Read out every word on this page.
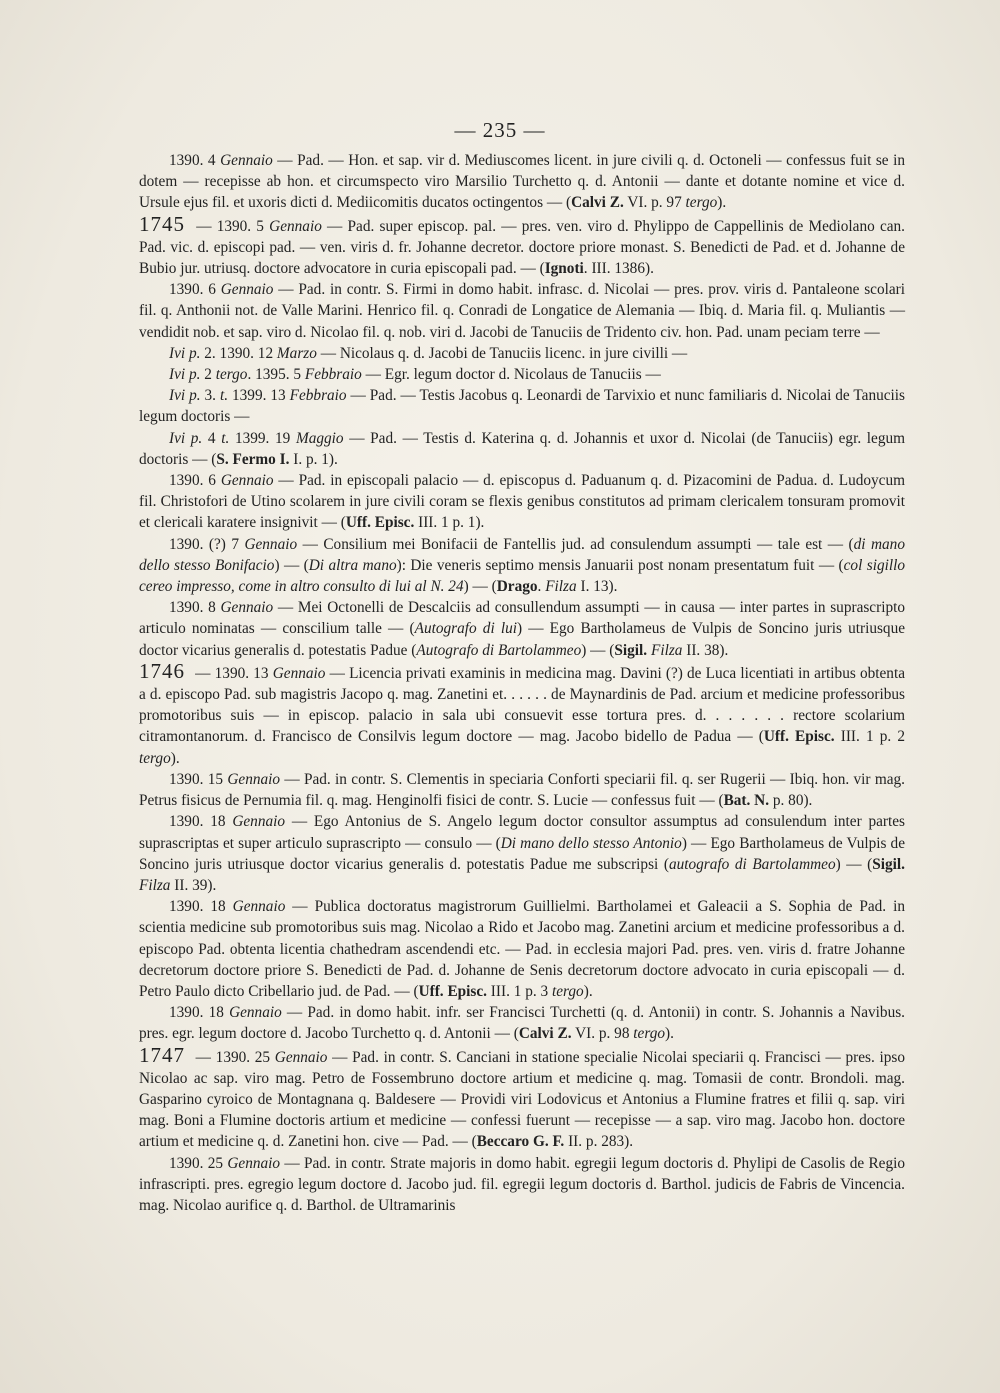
— 235 —

1390. 4 Gennaio — Pad. — Hon. et sap. vir d. Mediuscomes licent. in jure civili q. d. Octoneli — confessus fuit se in dotem — recepisse ab hon. et circumspecto viro Marsilio Turchetto q. d. Antonii — dante et dotante nomine et vice d. Ursule ejus fil. et uxoris dicti d. Mediicomitis ducatos octingentos — (Calvi Z. VI. p. 97 tergo).

1745 — 1390. 5 Gennaio — Pad. super episcop. pal. — pres. ven. viro d. Phylippo de Cappellinis de Mediolano can. Pad. vic. d. episcopi pad. — ven. viris d. fr. Johanne decretor. doctore priore monast. S. Benedicti de Pad. et d. Johanne de Bubio jur. utriusq. doctore advocatore in curia episcopali pad. — (Ignoti. III. 1386).

1390. 6 Gennaio — Pad. in contr. S. Firmi in domo habit. infrasc. d. Nicolai — pres. prov. viris d. Pantaleone scolari fil. q. Anthonii not. de Valle Marini. Henrico fil. q. Conradi de Longatice de Alemania — Ibiq. d. Maria fil. q. Muliantis — vendidit nob. et sap. viro d. Nicolao fil. q. nob. viri d. Jacobi de Tanuciis de Tridento civ. hon. Pad. unam peciam terre —

Ivi p. 2. 1390. 12 Marzo — Nicolaus q. d. Jacobi de Tanuciis licenc. in jure civilli —

Ivi p. 2 tergo. 1395. 5 Febbraio — Egr. legum doctor d. Nicolaus de Tanuciis —

Ivi p. 3. t. 1399. 13 Febbraio — Pad. — Testis Jacobus q. Leonardi de Tarvixio et nunc familiaris d. Nicolai de Tanuciis legum doctoris —

Ivi p. 4 t. 1399. 19 Maggio — Pad. — Testis d. Katerina q. d. Johannis et uxor d. Nicolai (de Tanuciis) egr. legum doctoris — (S. Fermo I. I. p. 1).

1390. 6 Gennaio — Pad. in episcopali palacio — d. episcopus d. Paduanum q. d. Pizacomini de Padua. d. Ludoycum fil. Christofori de Utino scolarem in jure civili coram se flexis genibus constitutos ad primam clericalem tonsuram promovit et clericali karatere insignivit — (Uff. Episc. III. 1 p. 1).

1390. (?) 7 Gennaio — Consilium mei Bonifacii de Fantellis jud. ad consulendum assumpti — tale est — (di mano dello stesso Bonifacio) — (Di altra mano): Die veneris septimo mensis Januarii post nonam presentatum fuit — (col sigillo cereo impresso, come in altro consulto di lui al N. 24) — (Drago. Filza I. 13).

1390. 8 Gennaio — Mei Octonelli de Descalciis ad consullendum assumpti — in causa — inter partes in suprascripto articulo nominatas — conscilium talle — (Autografo di lui) — Ego Bartholameus de Vulpis de Soncino juris utriusque doctor vicarius generalis d. potestatis Padue (Autografo di Bartolammeo) — (Sigil. Filza II. 38).

1746 — 1390. 13 Gennaio — Licencia privati examinis in medicina mag. Davini (?) de Luca licentiati in artibus obtenta a d. episcopo Pad. sub magistris Jacopo q. mag. Zanetini et. . . . . . de Maynardinis de Pad. arcium et medicine professoribus promotoribus suis — in episcop. palacio in sala ubi consuevit esse tortura pres. d. . . . . . . rectore scolarium citramontanorum. d. Francisco de Consilvis legum doctore — mag. Jacobo bidello de Padua — (Uff. Episc. III. 1 p. 2 tergo).

1390. 15 Gennaio — Pad. in contr. S. Clementis in speciaria Conforti speciarii fil. q. ser Rugerii — Ibiq. hon. vir mag. Petrus fisicus de Pernumia fil. q. mag. Henginolfi fisici de contr. S. Lucie — confessus fuit — (Bat. N. p. 80).

1390. 18 Gennaio — Ego Antonius de S. Angelo legum doctor consultor assumptus ad consulendum inter partes suprascriptas et super articulo suprascripto — consulo — (Di mano dello stesso Antonio) — Ego Bartholameus de Vulpis de Soncino juris utriusque doctor vicarius generalis d. potestatis Padue me subscripsi (autografo di Bartolammeo) — (Sigil. Filza II. 39).

1390. 18 Gennaio — Publica doctoratus magistrorum Guillielmi. Bartholamei et Galeacii a S. Sophia de Pad. in scientia medicine sub promotoribus suis mag. Nicolao a Rido et Jacobo mag. Zanetini arcium et medicine professoribus a d. episcopo Pad. obtenta licentia chathedram ascendendi etc. — Pad. in ecclesia majori Pad. pres. ven. viris d. fratre Johanne decretorum doctore priore S. Benedicti de Pad. d. Johanne de Senis decretorum doctore advocato in curia episcopali — d. Petro Paulo dicto Cribellario jud. de Pad. — (Uff. Episc. III. 1 p. 3 tergo).

1390. 18 Gennaio — Pad. in domo habit. infr. ser Francisci Turchetti (q. d. Antonii) in contr. S. Johannis a Navibus. pres. egr. legum doctore d. Jacobo Turchetto q. d. Antonii — (Calvi Z. VI. p. 98 tergo).

1747 — 1390. 25 Gennaio — Pad. in contr. S. Canciani in statione specialie Nicolai speciarii q. Francisci — pres. ipso Nicolao ac sap. viro mag. Petro de Fossembruno doctore artium et medicine q. mag. Tomasii de contr. Brondoli. mag. Gasparino cyroico de Montagnana q. Baldesere — Providi viri Lodovicus et Antonius a Flumine fratres et filii q. sap. viri mag. Boni a Flumine doctoris artium et medicine — confessi fuerunt — recepisse — a sap. viro mag. Jacobo hon. doctore artium et medicine q. d. Zanetini hon. cive — Pad. — (Beccaro G. F. II. p. 283).

1390. 25 Gennaio — Pad. in contr. Strate majoris in domo habit. egregii legum doctoris d. Phylipi de Casolis de Regio infrascripti. pres. egregio legum doctore d. Jacobo jud. fil. egregii legum doctoris d. Barthol. judicis de Fabris de Vincencia. mag. Nicolao aurifice q. d. Barthol. de Ultramarinis
